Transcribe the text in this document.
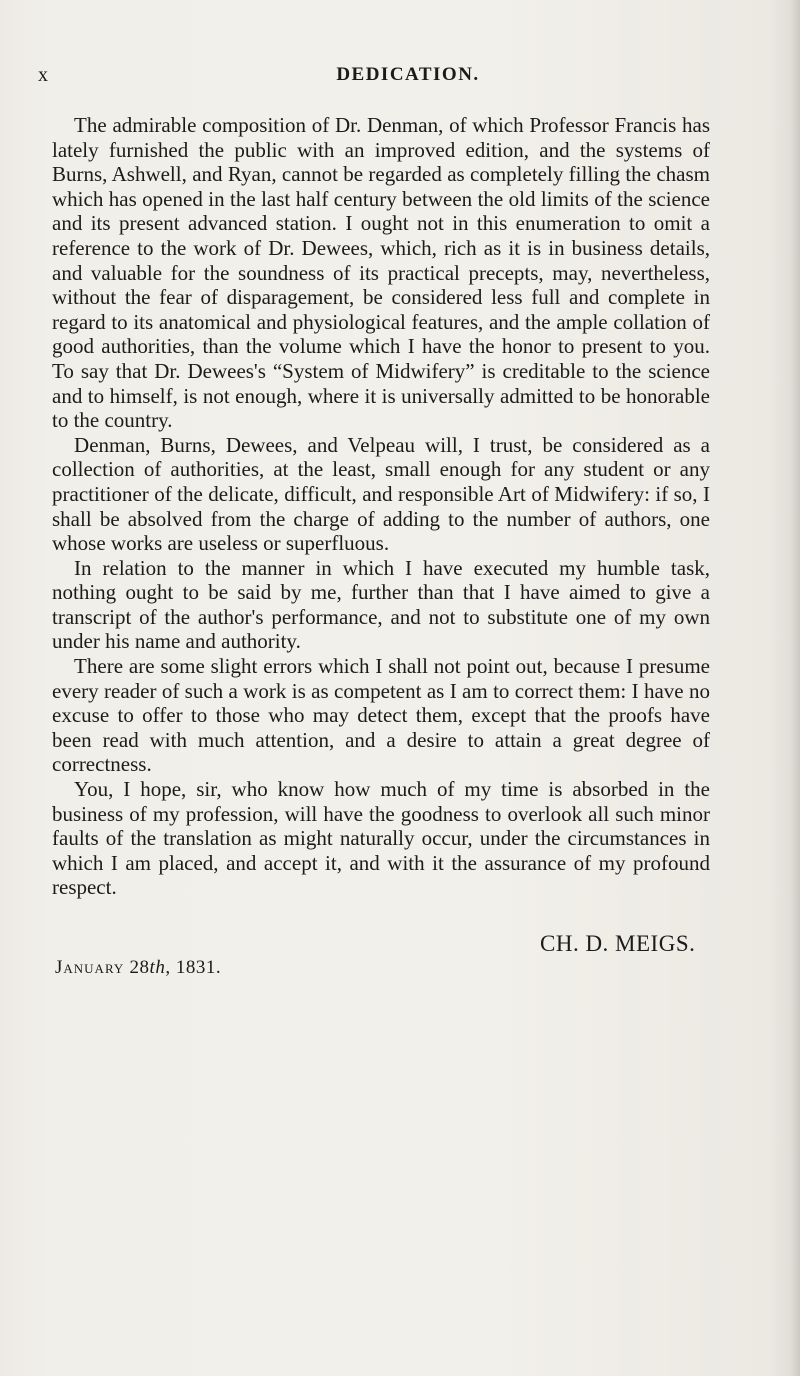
x	DEDICATION.

The admirable composition of Dr. Denman, of which Professor Francis has lately furnished the public with an improved edition, and the systems of Burns, Ashwell, and Ryan, cannot be regarded as completely filling the chasm which has opened in the last half century between the old limits of the science and its present advanced station. I ought not in this enumeration to omit a reference to the work of Dr. Dewees, which, rich as it is in business details, and valuable for the soundness of its practical precepts, may, nevertheless, without the fear of disparagement, be considered less full and complete in regard to its anatomical and physiological features, and the ample collation of good authorities, than the volume which I have the honor to present to you. To say that Dr. Dewees's “System of Midwifery” is creditable to the science and to himself, is not enough, where it is universally admitted to be honorable to the country.

Denman, Burns, Dewees, and Velpeau will, I trust, be considered as a collection of authorities, at the least, small enough for any student or any practitioner of the delicate, difficult, and responsible Art of Midwifery: if so, I shall be absolved from the charge of adding to the number of authors, one whose works are useless or superfluous.

In relation to the manner in which I have executed my humble task, nothing ought to be said by me, further than that I have aimed to give a transcript of the author's performance, and not to substitute one of my own under his name and authority.

There are some slight errors which I shall not point out, because I presume every reader of such a work is as competent as I am to correct them: I have no excuse to offer to those who may detect them, except that the proofs have been read with much attention, and a desire to attain a great degree of correctness.

You, I hope, sir, who know how much of my time is absorbed in the business of my profession, will have the goodness to overlook all such minor faults of the translation as might naturally occur, under the circumstances in which I am placed, and accept it, and with it the assurance of my profound respect.

CH. D. MEIGS.
January 28th, 1831.
